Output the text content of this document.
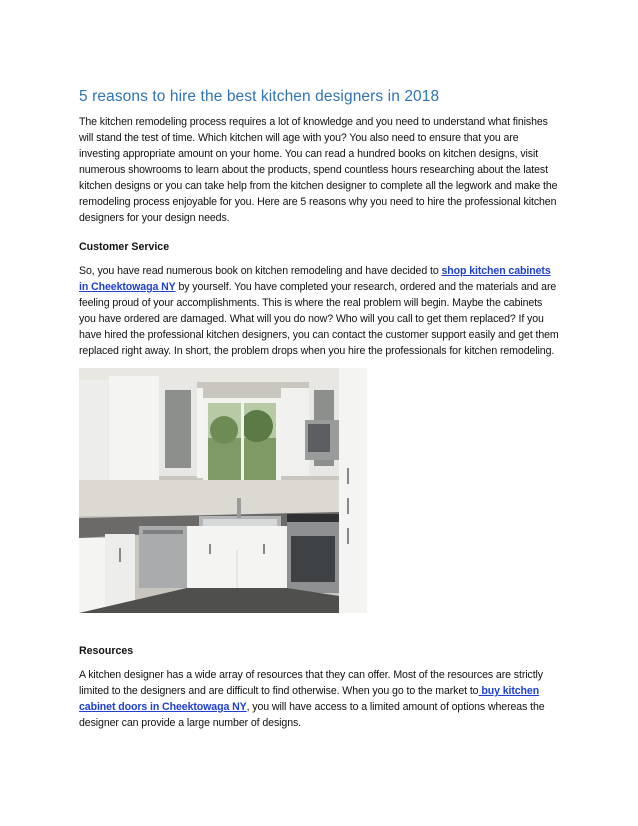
5 reasons to hire the best kitchen designers in 2018

The kitchen remodeling process requires a lot of knowledge and you need to understand what finishes will stand the test of time. Which kitchen will age with you? You also need to ensure that you are investing appropriate amount on your home. You can read a hundred books on kitchen designs, visit numerous showrooms to learn about the products, spend countless hours researching about the latest kitchen designs or you can take help from the kitchen designer to complete all the legwork and make the remodeling process enjoyable for you. Here are 5 reasons why you need to hire the professional kitchen designers for your design needs.

Customer Service

So, you have read numerous book on kitchen remodeling and have decided to shop kitchen cabinets in Cheektowaga NY by yourself. You have completed your research, ordered and the materials and are feeling proud of your accomplishments. This is where the real problem will begin. Maybe the cabinets you have ordered are damaged. What will you do now? Who will you call to get them replaced? If you have hired the professional kitchen designers, you can contact the customer support easily and get them replaced right away. In short, the problem drops when you hire the professionals for kitchen remodeling.

Resources

A kitchen designer has a wide array of resources that they can offer. Most of the resources are strictly limited to the designers and are difficult to find otherwise. When you go to the market to buy kitchen cabinet doors in Cheektowaga NY, you will have access to a limited amount of options whereas the designer can provide a large number of designs.
